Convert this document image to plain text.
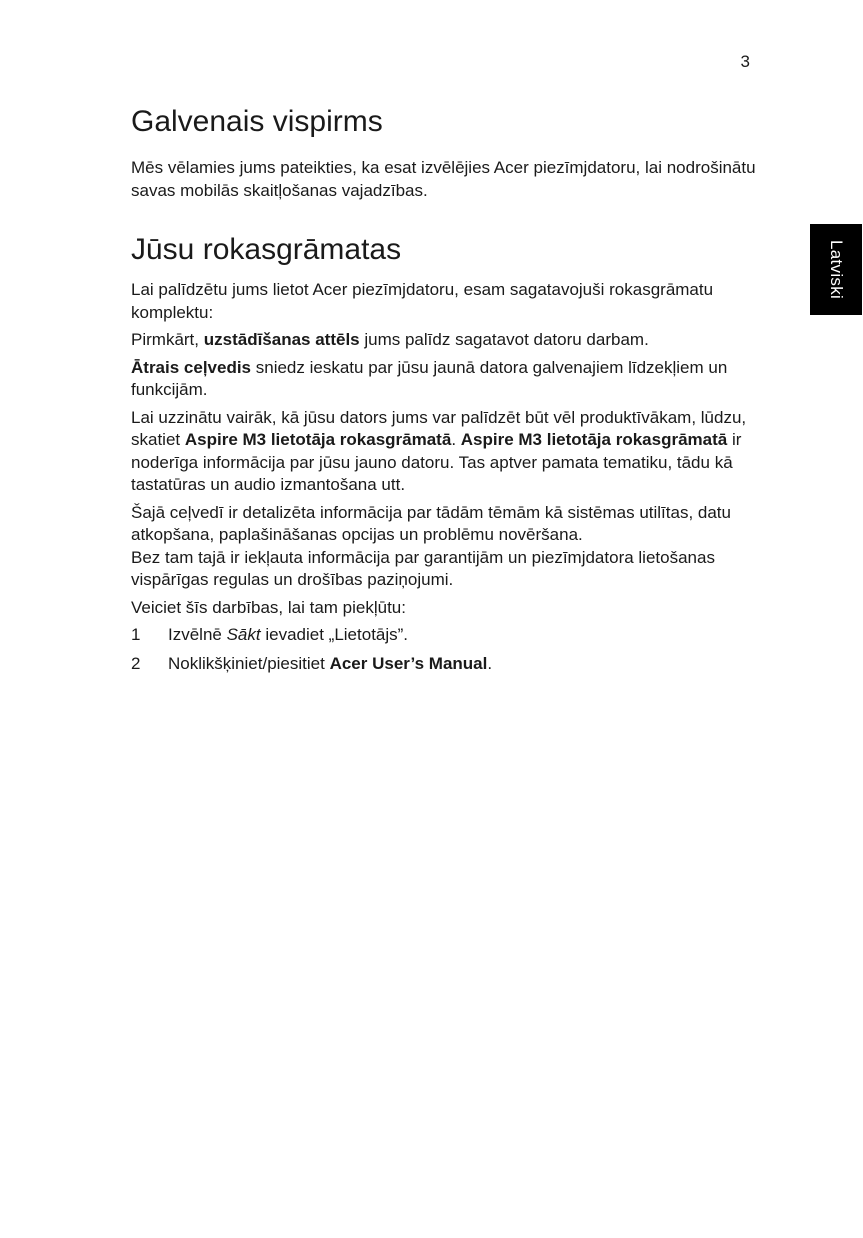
3
Latviski
Galvenais vispirms

Mēs vēlamies jums pateikties, ka esat izvēlējies Acer piezīmjdatoru, lai nodrošinātu savas mobilās skaitļošanas vajadzības.

Jūsu rokasgrāmatas

Lai palīdzētu jums lietot Acer piezīmjdatoru, esam sagatavojuši rokasgrāmatu komplektu:

Pirmkārt, uzstādīšanas attēls jums palīdz sagatavot datoru darbam.

Ātrais ceļvedis sniedz ieskatu par jūsu jaunā datora galvenajiem līdzekļiem un funkcijām.

Lai uzzinātu vairāk, kā jūsu dators jums var palīdzēt būt vēl produktīvākam, lūdzu, skatiet Aspire M3 lietotāja rokasgrāmatā. Aspire M3 lietotāja rokasgrāmatā ir noderīga informācija par jūsu jauno datoru. Tas aptver pamata tematiku, tādu kā tastatūras un audio izmantošana utt.

Šajā ceļvedī ir detalizēta informācija par tādām tēmām kā sistēmas utilītas, datu atkopšana, paplašināšanas opcijas un problēmu novēršana.
Bez tam tajā ir iekļauta informācija par garantijām un piezīmjdatora lietošanas vispārīgas regulas un drošības paziņojumi.

Veiciet šīs darbības, lai tam piekļūtu:

1 Izvēlnē Sākt ievadiet „Lietotājs”.
2 Noklikšķiniet/piesitiet Acer User’s Manual.
